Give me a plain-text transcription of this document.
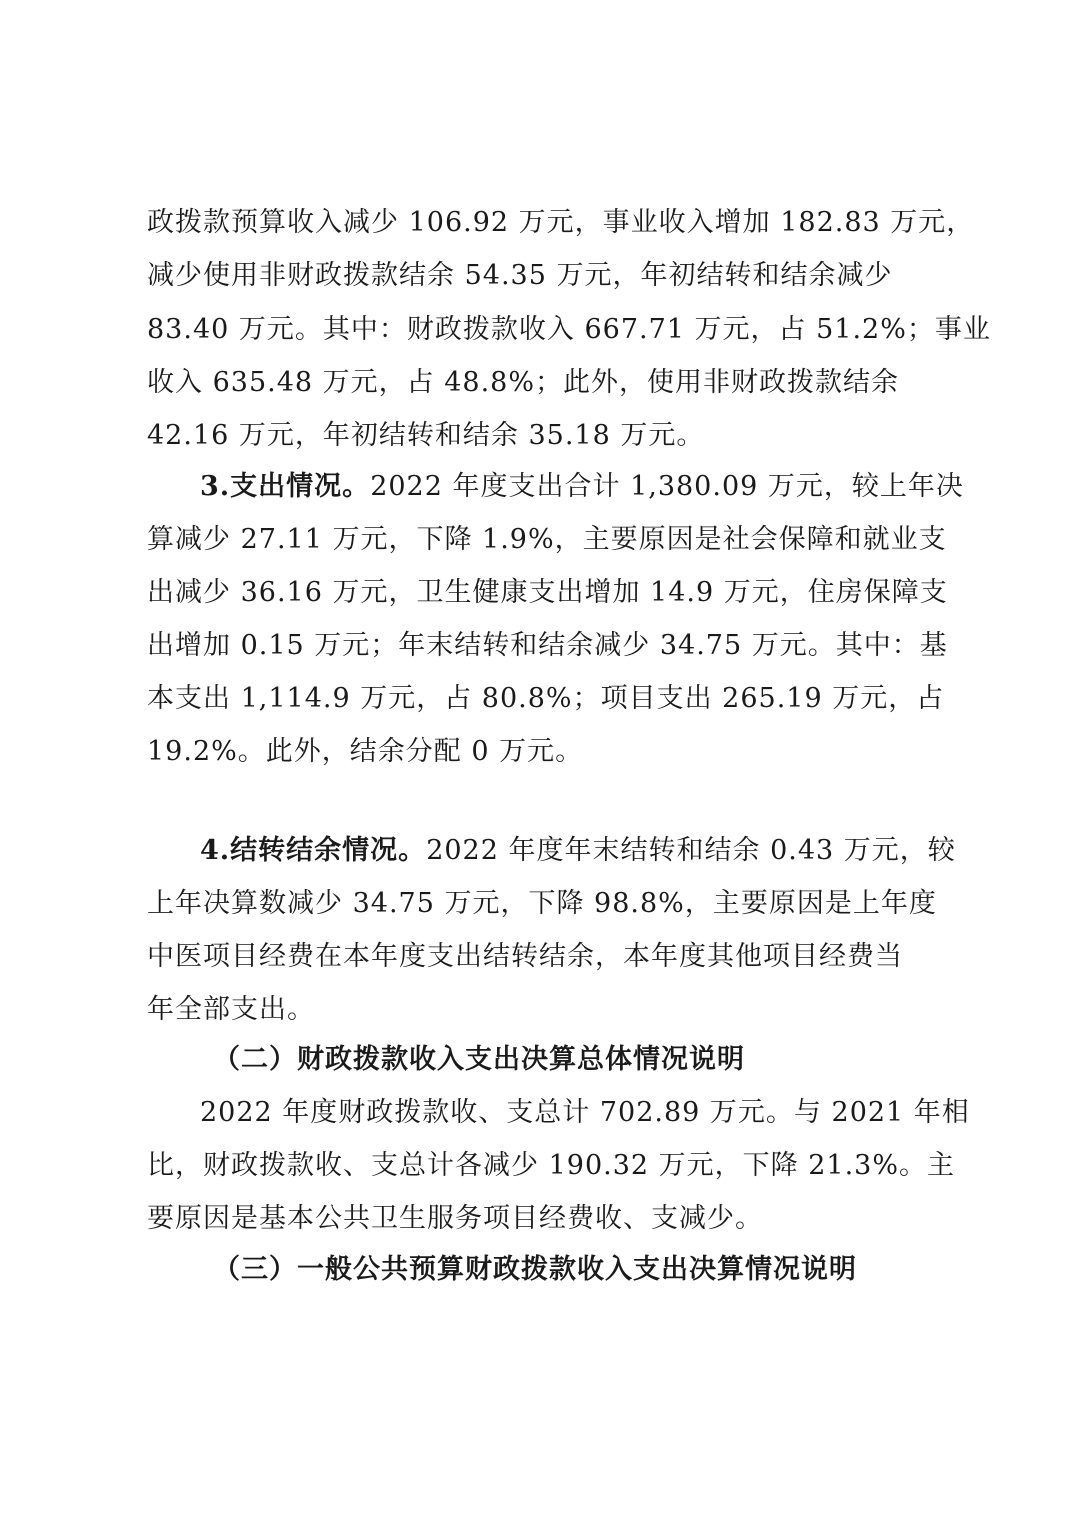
政拨款预算收入减少 106.92 万元，事业收入增加 182.83 万元，
减少使用非财政拨款结余 54.35 万元，年初结转和结余减少
83.40 万元。其中：财政拨款收入 667.71 万元，占 51.2%；事业
收入 635.48 万元，占 48.8%；此外，使用非财政拨款结余
42.16 万元，年初结转和结余 35.18 万元。
3.支出情况。2022 年度支出合计 1,380.09 万元，较上年决
算减少 27.11 万元，下降 1.9%，主要原因是社会保障和就业支
出减少 36.16 万元，卫生健康支出增加 14.9 万元，住房保障支
出增加 0.15 万元；年末结转和结余减少 34.75 万元。其中：基
本支出 1,114.9 万元，占 80.8%；项目支出 265.19 万元，占
19.2%。此外，结余分配 0 万元。
4.结转结余情况。2022 年度年末结转和结余 0.43 万元，较
上年决算数减少 34.75 万元，下降 98.8%，主要原因是上年度
中医项目经费在本年度支出结转结余，本年度其他项目经费当
年全部支出。
（二）财政拨款收入支出决算总体情况说明
2022 年度财政拨款收、支总计 702.89 万元。与 2021 年相
比，财政拨款收、支总计各减少 190.32 万元，下降 21.3%。主
要原因是基本公共卫生服务项目经费收、支减少。
（三）一般公共预算财政拨款收入支出决算情况说明
